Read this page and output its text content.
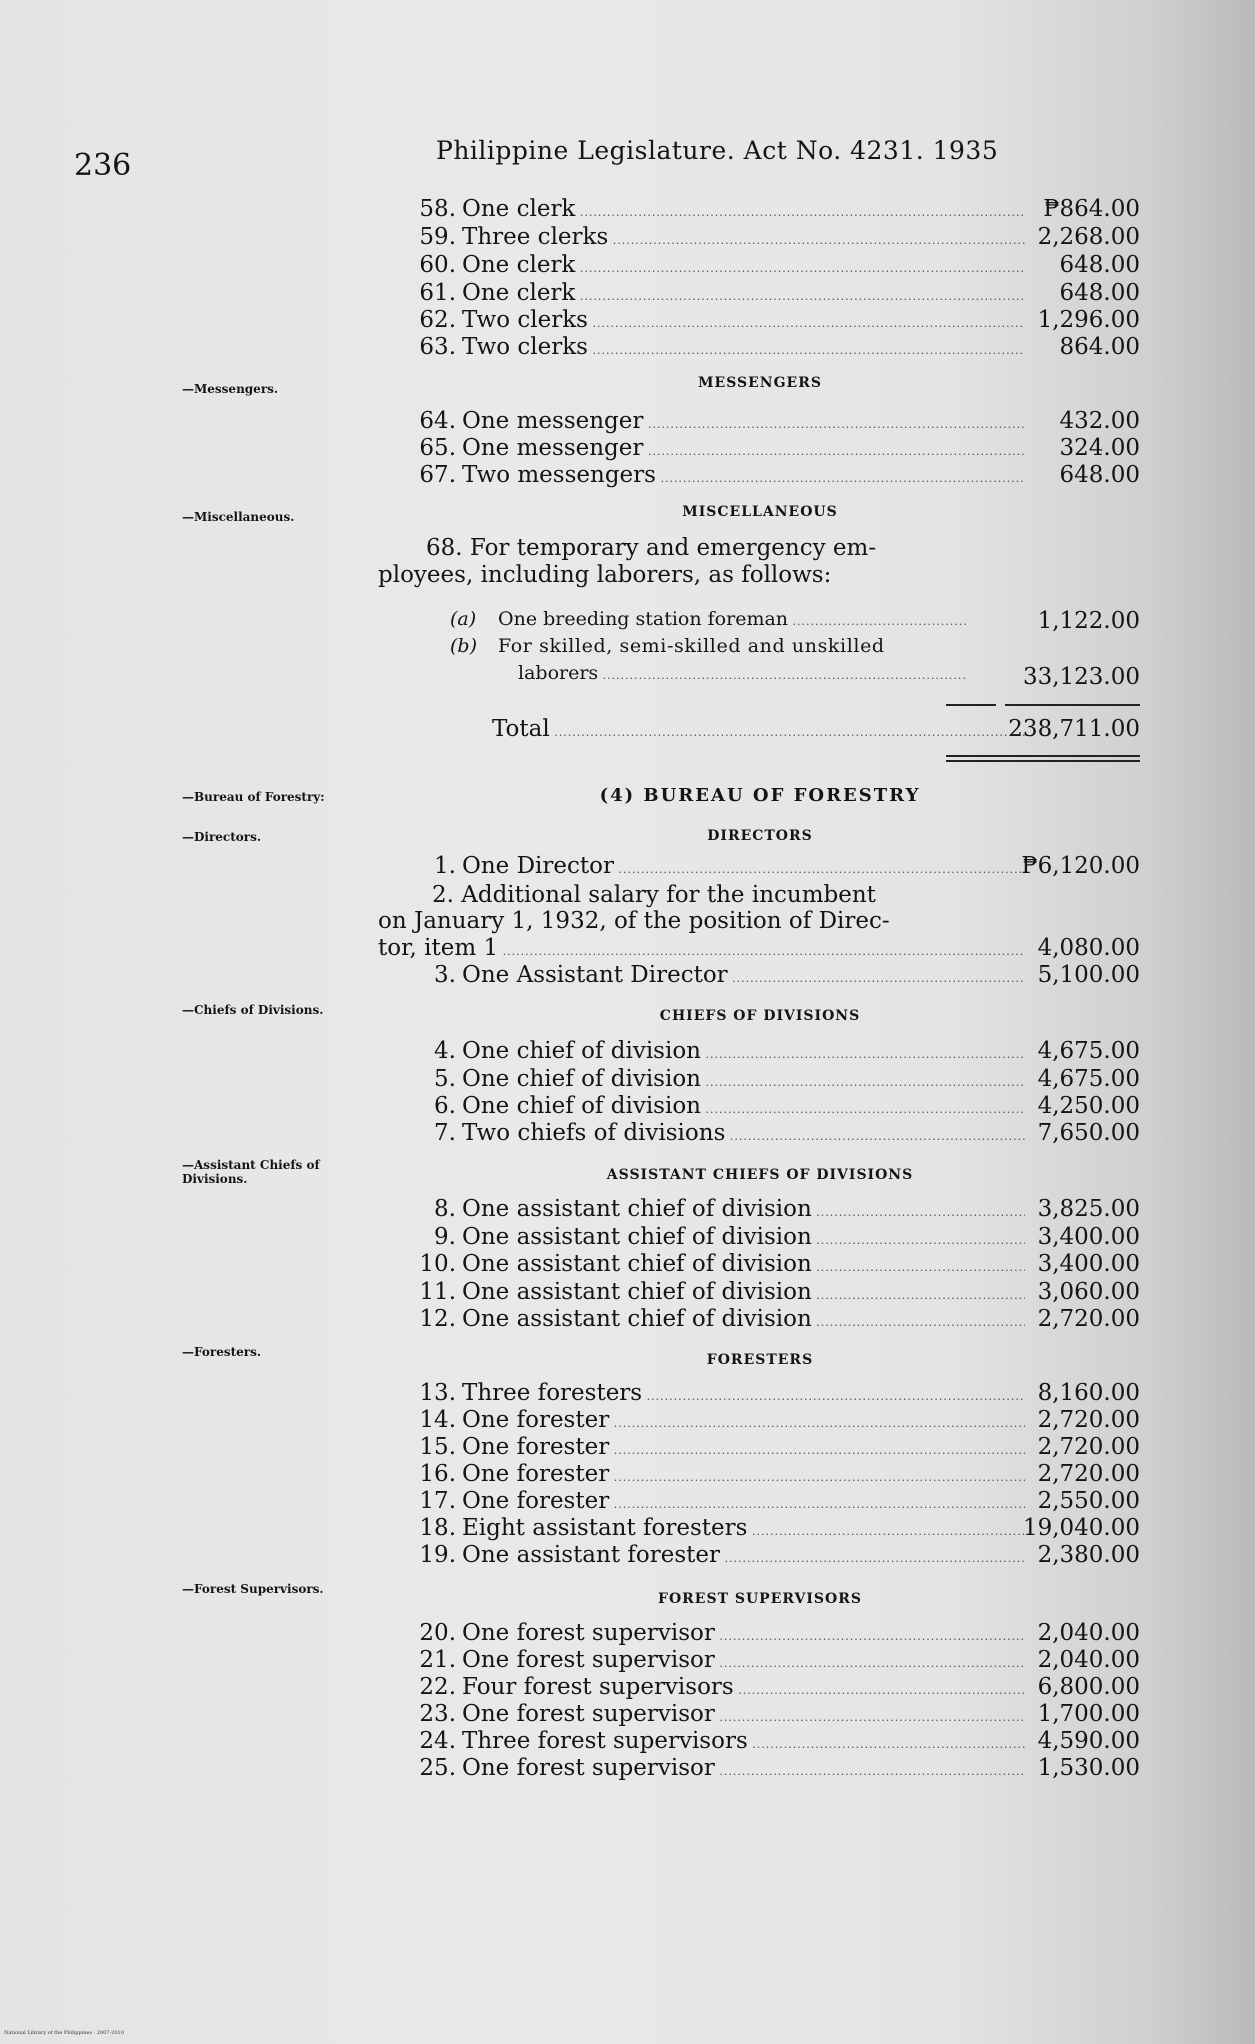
236	Philippine Legislature. Act No. 4231. 1935
58. One clerk .....	₱864.00
59. Three clerks .....	2,268.00
60. One clerk .....	648.00
61. One clerk .....	648.00
62. Two clerks .....	1,296.00
63. Two clerks .....	864.00
—Messengers.	MESSENGERS
64. One messenger .....	432.00
65. One messenger .....	324.00
67. Two messengers .....	648.00
—Miscellaneous.	MISCELLANEOUS
68. For temporary and emergency em-
ployees, including laborers, as follows:
(a) One breeding station foreman .....	1,122.00
(b) For skilled, semi-skilled and unskilled
laborers .....	33,123.00
Total .....	238,711.00
—Bureau of Forestry:	(4) BUREAU OF FORESTRY
—Directors.	DIRECTORS
1. One Director .....	₱6,120.00
2. Additional salary for the incumbent
on January 1, 1932, of the position of Direc-
tor, item 1 .....	4,080.00
3. One Assistant Director .....	5,100.00
—Chiefs of Divisions.	CHIEFS OF DIVISIONS
4. One chief of division .....	4,675.00
5. One chief of division .....	4,675.00
6. One chief of division .....	4,250.00
7. Two chiefs of divisions .....	7,650.00
—Assistant Chiefs of Divisions.	ASSISTANT CHIEFS OF DIVISIONS
8. One assistant chief of division .....	3,825.00
9. One assistant chief of division .....	3,400.00
10. One assistant chief of division .....	3,400.00
11. One assistant chief of division .....	3,060.00
12. One assistant chief of division .....	2,720.00
—Foresters.	FORESTERS
13. Three foresters .....	8,160.00
14. One forester .....	2,720.00
15. One forester .....	2,720.00
16. One forester .....	2,720.00
17. One forester .....	2,550.00
18. Eight assistant foresters .....	19,040.00
19. One assistant forester .....	2,380.00
—Forest Supervisors.
FOREST SUPERVISORS
20. One forest supervisor .....	2,040.00
21. One forest supervisor .....	2,040.00
22. Four forest supervisors .....	6,800.00
23. One forest supervisor .....	1,700.00
24. Three forest supervisors .....	4,590.00
25. One forest supervisor .....	1,530.00
National Library of the Philippines · 2007-2010
